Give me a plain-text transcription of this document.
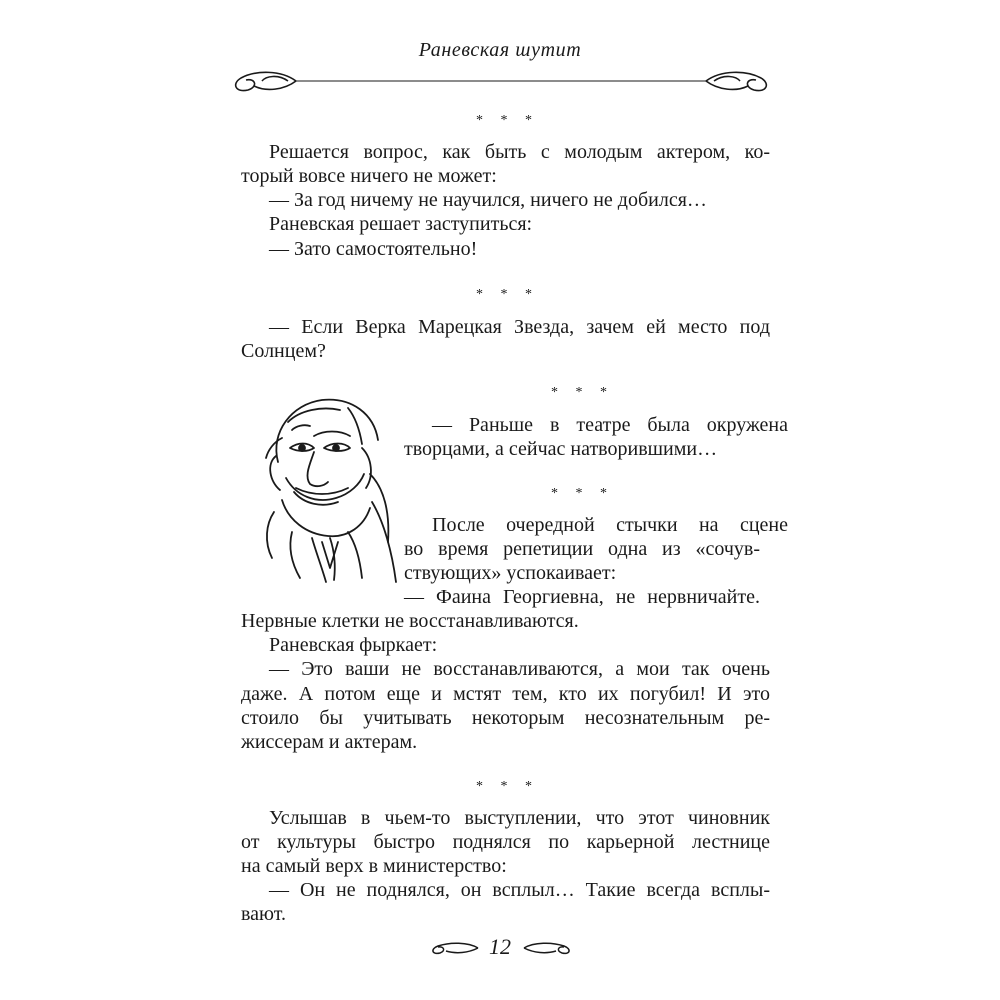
Раневская шутит
* * *
Решается вопрос, как быть с молодым актером, ко-
торый вовсе ничего не может:
— За год ничему не научился, ничего не добился…
Раневская решает заступиться:
— Зато самостоятельно!
* * *
— Если Верка Марецкая Звезда, зачем ей место под
Солнцем?
* * *
— Раньше в театре была окружена
творцами, а сейчас натворившими…
* * *
После очередной стычки на сцене
во время репетиции одна из «сочув-
ствующих» успокаивает:
— Фаина Георгиевна, не нервничайте.
Нервные клетки не восстанавливаются.
Раневская фыркает:
— Это ваши не восстанавливаются, а мои так очень
даже. А потом еще и мстят тем, кто их погубил! И это
стоило бы учитывать некоторым несознательным ре-
жиссерам и актерам.
* * *
Услышав в чьем-то выступлении, что этот чиновник
от культуры быстро поднялся по карьерной лестнице
на самый верх в министерство:
— Он не поднялся, он всплыл… Такие всегда всплы-
вают.
12
